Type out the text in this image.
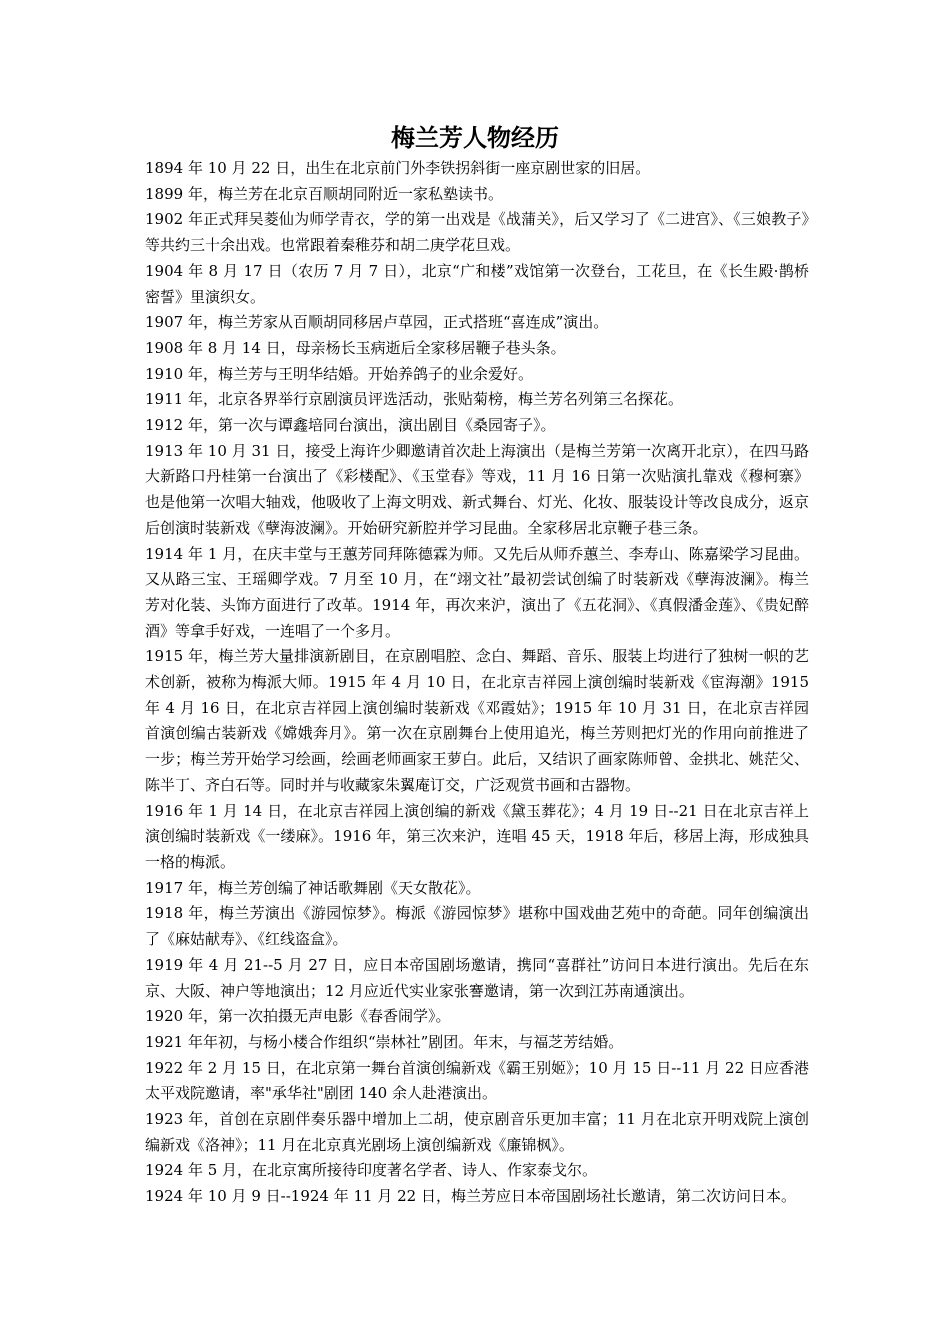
梅兰芳人物经历

1894 年 10 月 22 日，出生在北京前门外李铁拐斜街一座京剧世家的旧居。

1899 年，梅兰芳在北京百顺胡同附近一家私塾读书。

1902 年正式拜吴菱仙为师学青衣，学的第一出戏是《战蒲关》，后又学习了《二进宫》、《三娘教子》等共约三十余出戏。也常跟着秦稚芬和胡二庚学花旦戏。

1904 年 8 月 17 日（农历 7 月 7 日），北京“广和楼”戏馆第一次登台，工花旦，在《长生殿·鹊桥密誓》里演织女。

1907 年，梅兰芳家从百顺胡同移居卢草园，正式搭班“喜连成”演出。

1908 年 8 月 14 日，母亲杨长玉病逝后全家移居鞭子巷头条。

1910 年，梅兰芳与王明华结婚。开始养鸽子的业余爱好。

1911 年，北京各界举行京剧演员评选活动，张贴菊榜，梅兰芳名列第三名探花。

1912 年，第一次与谭鑫培同台演出，演出剧目《桑园寄子》。

1913 年 10 月 31 日，接受上海许少卿邀请首次赴上海演出（是梅兰芳第一次离开北京），在四马路大新路口丹桂第一台演出了《彩楼配》、《玉堂春》等戏，11 月 16 日第一次贴演扎靠戏《穆柯寨》也是他第一次唱大轴戏，他吸收了上海文明戏、新式舞台、灯光、化妆、服装设计等改良成分，返京后创演时装新戏《孽海波澜》。开始研究新腔并学习昆曲。全家移居北京鞭子巷三条。

1914 年 1 月，在庆丰堂与王蕙芳同拜陈德霖为师。又先后从师乔蕙兰、李寿山、陈嘉梁学习昆曲。又从路三宝、王瑶卿学戏。7 月至 10 月，在“翊文社”最初尝试创编了时装新戏《孽海波澜》。梅兰芳对化装、头饰方面进行了改革。1914 年，再次来沪，演出了《五花洞》、《真假潘金莲》、《贵妃醉酒》等拿手好戏，一连唱了一个多月。

1915 年，梅兰芳大量排演新剧目，在京剧唱腔、念白、舞蹈、音乐、服装上均进行了独树一帜的艺术创新，被称为梅派大师。1915 年 4 月 10 日，在北京吉祥园上演创编时装新戏《宦海潮》1915 年 4 月 16 日，在北京吉祥园上演创编时装新戏《邓霞姑》；1915 年 10 月 31 日，在北京吉祥园首演创编古装新戏《嫦娥奔月》。第一次在京剧舞台上使用追光，梅兰芳则把灯光的作用向前推进了一步；梅兰芳开始学习绘画，绘画老师画家王萝白。此后，又结识了画家陈师曾、金拱北、姚茫父、陈半丁、齐白石等。同时并与收藏家朱翼庵订交，广泛观赏书画和古器物。

1916 年 1 月 14 日，在北京吉祥园上演创编的新戏《黛玉葬花》；4 月 19 日--21 日在北京吉祥上演创编时装新戏《一缕麻》。1916 年，第三次来沪，连唱 45 天，1918 年后，移居上海，形成独具一格的梅派。

1917 年，梅兰芳创编了神话歌舞剧《天女散花》。

1918 年，梅兰芳演出《游园惊梦》。梅派《游园惊梦》堪称中国戏曲艺苑中的奇葩。同年创编演出了《麻姑献寿》、《红线盗盒》。

1919 年 4 月 21--5 月 27 日，应日本帝国剧场邀请，携同“喜群社”访问日本进行演出。先后在东京、大阪、神户等地演出；12 月应近代实业家张謇邀请，第一次到江苏南通演出。

1920 年，第一次拍摄无声电影《春香闹学》。

1921 年年初，与杨小楼合作组织“崇林社”剧团。年末，与福芝芳结婚。

1922 年 2 月 15 日，在北京第一舞台首演创编新戏《霸王别姬》；10 月 15 日--11 月 22 日应香港太平戏院邀请，率"承华社"剧团 140 余人赴港演出。

1923 年，首创在京剧伴奏乐器中增加上二胡，使京剧音乐更加丰富；11 月在北京开明戏院上演创编新戏《洛神》；11 月在北京真光剧场上演创编新戏《廉锦枫》。

1924 年 5 月，在北京寓所接待印度著名学者、诗人、作家泰戈尔。

1924 年 10 月 9 日--1924 年 11 月 22 日，梅兰芳应日本帝国剧场社长邀请，第二次访问日本。
